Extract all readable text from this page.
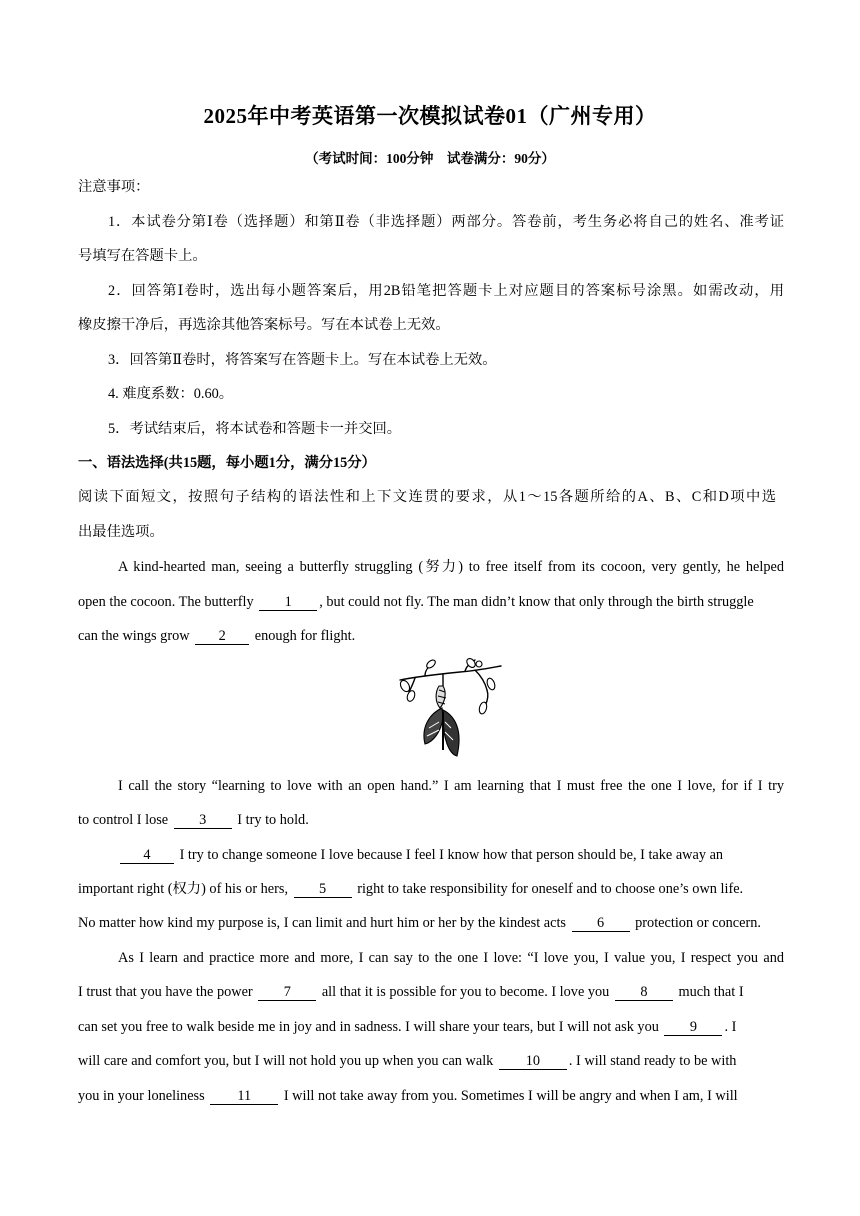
2025年中考英语第一次模拟试卷01（广州专用）
（考试时间：100分钟　试卷满分：90分）
注意事项：
1．本试卷分第Ⅰ卷（选择题）和第Ⅱ卷（非选择题）两部分。答卷前，考生务必将自己的姓名、准考证
号填写在答题卡上。
2．回答第Ⅰ卷时，选出每小题答案后，用2B铅笔把答题卡上对应题目的答案标号涂黑。如需改动，用
橡皮擦干净后，再选涂其他答案标号。写在本试卷上无效。
3．回答第Ⅱ卷时，将答案写在答题卡上。写在本试卷上无效。
4. 难度系数：0.60。
5．考试结束后，将本试卷和答题卡一并交回。
一、语法选择(共15题，每小题1分，满分15分）
阅读下面短文，按照句子结构的语法性和上下文连贯的要求，从1～15各题所给的A、B、C和D项中选
出最佳选项。
A kind-hearted man, seeing a butterfly struggling (努力) to free itself from its cocoon, very gently, he helped
open the cocoon. The butterfly 1 , but could not fly. The man didn’t know that only through the birth struggle
can the wings grow 2 enough for flight.
I call the story “learning to love with an open hand.” I am learning that I must free the one I love, for if I try
to control I lose 3 I try to hold.
4 I try to change someone I love because I feel I know how that person should be, I take away an
important right (权力) of his or hers, 5 right to take responsibility for oneself and to choose one’s own life.
No matter how kind my purpose is, I can limit and hurt him or her by the kindest acts 6 protection or concern.
As I learn and practice more and more, I can say to the one I love: “I love you, I value you, I respect you and
I trust that you have the power 7 all that it is possible for you to become. I love you 8 much that I
can set you free to walk beside me in joy and in sadness. I will share your tears, but I will not ask you 9 . I
will care and comfort you, but I will not hold you up when you can walk 10 . I will stand ready to be with
you in your loneliness 11 I will not take away from you. Sometimes I will be angry and when I am, I will
